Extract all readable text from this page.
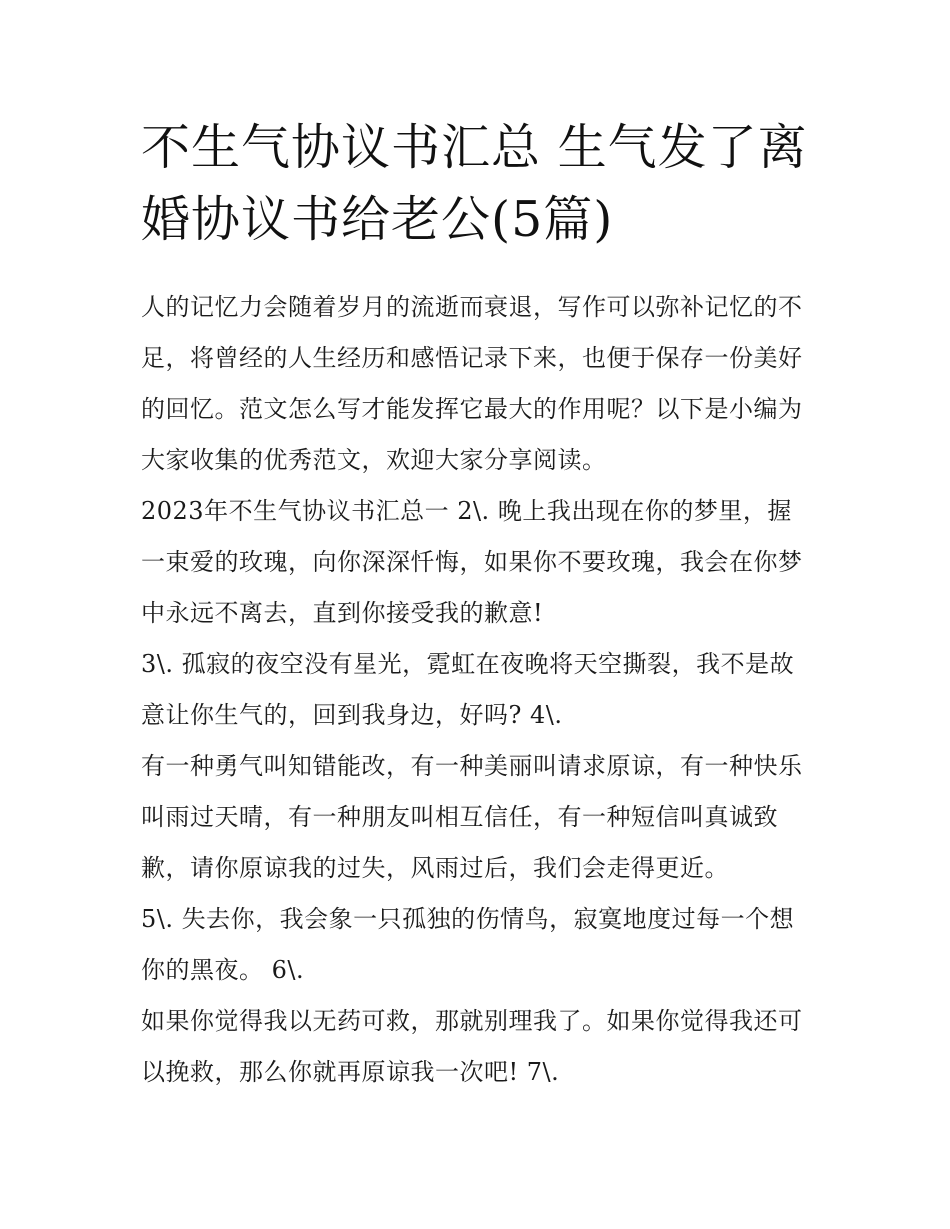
不生气协议书汇总 生气发了离婚协议书给老公(5篇)

人的记忆力会随着岁月的流逝而衰退，写作可以弥补记忆的不足，将曾经的人生经历和感悟记录下来，也便于保存一份美好的回忆。范文怎么写才能发挥它最大的作用呢？以下是小编为大家收集的优秀范文，欢迎大家分享阅读。

2023年不生气协议书汇总一 2\. 晚上我出现在你的梦里，握一束爱的玫瑰，向你深深忏悔，如果你不要玫瑰，我会在你梦中永远不离去，直到你接受我的歉意!

3\. 孤寂的夜空没有星光，霓虹在夜晚将天空撕裂，我不是故意让你生气的，回到我身边，好吗? 4\.

有一种勇气叫知错能改，有一种美丽叫请求原谅，有一种快乐叫雨过天晴，有一种朋友叫相互信任，有一种短信叫真诚致歉，请你原谅我的过失，风雨过后，我们会走得更近。

5\. 失去你，我会象一只孤独的伤情鸟，寂寞地度过每一个想你的黑夜。 6\.

如果你觉得我以无药可救，那就别理我了。如果你觉得我还可以挽救，那么你就再原谅我一次吧! 7\.
